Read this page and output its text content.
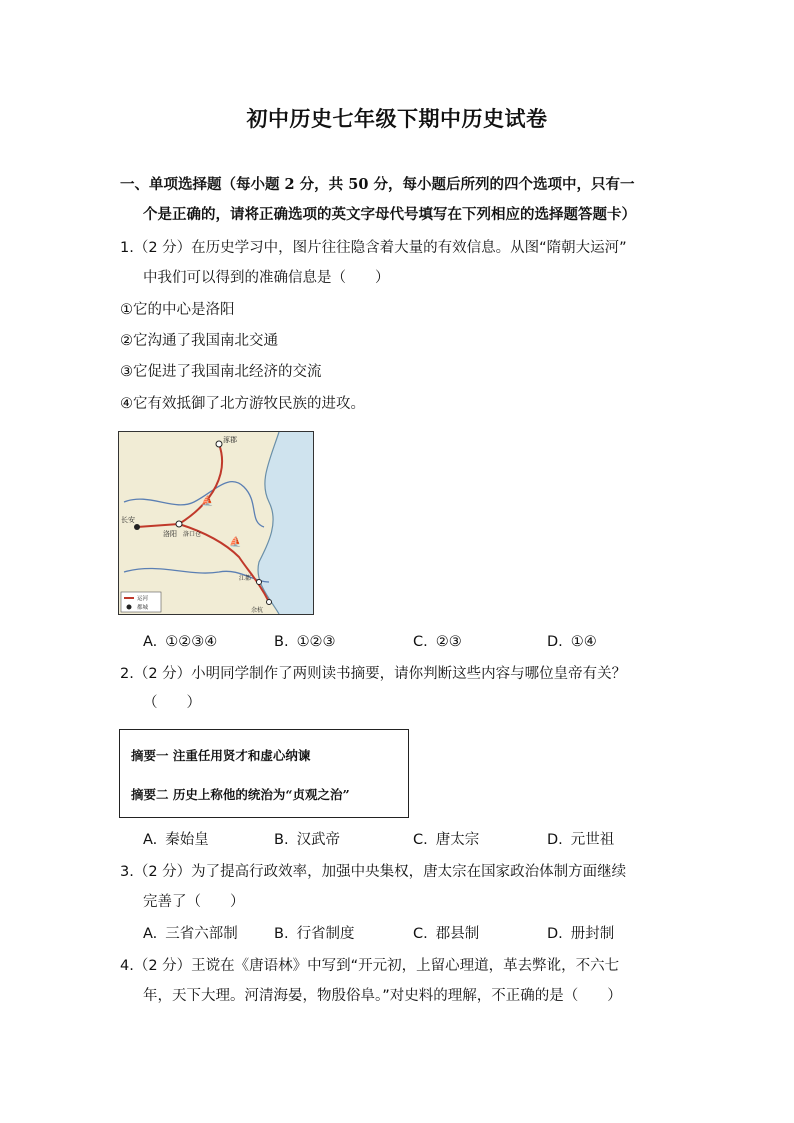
初中历史七年级下期中历史试卷
一、单项选择题（每小题 2 分，共 50 分，每小题后所列的四个选项中，只有一
个是正确的，请将正确选项的英文字母代号填写在下列相应的选择题答题卡）
1.（2 分）在历史学习中，图片往往隐含着大量的有效信息。从图“隋朝大运河”
中我们可以得到的准确信息是（　　）
①它的中心是洛阳
②它沟通了我国南北交通
③它促进了我国南北经济的交流
④它有效抵御了北方游牧民族的进攻。
⛵
⛵
涿郡
长安
洛阳 洛口仓
江都
余杭
运河
都城
A. ①②③④	B. ①②③	C. ②③	D. ①④
2.（2 分）小明同学制作了两则读书摘要，请你判断这些内容与哪位皇帝有关？
（　　）
摘要一 注重任用贤才和虚心纳谏
摘要二 历史上称他的统治为“贞观之治”
A. 秦始皇	B. 汉武帝	C. 唐太宗	D. 元世祖
3.（2 分）为了提高行政效率，加强中央集权，唐太宗在国家政治体制方面继续
完善了（　　）
A. 三省六部制 B. 行省制度	C. 郡县制	D. 册封制
4.（2 分）王谠在《唐语林》中写到“开元初，上留心理道，革去弊讹，不六七
年，天下大理。河清海晏，物殷俗阜。”对史料的理解，不正确的是（　　）
